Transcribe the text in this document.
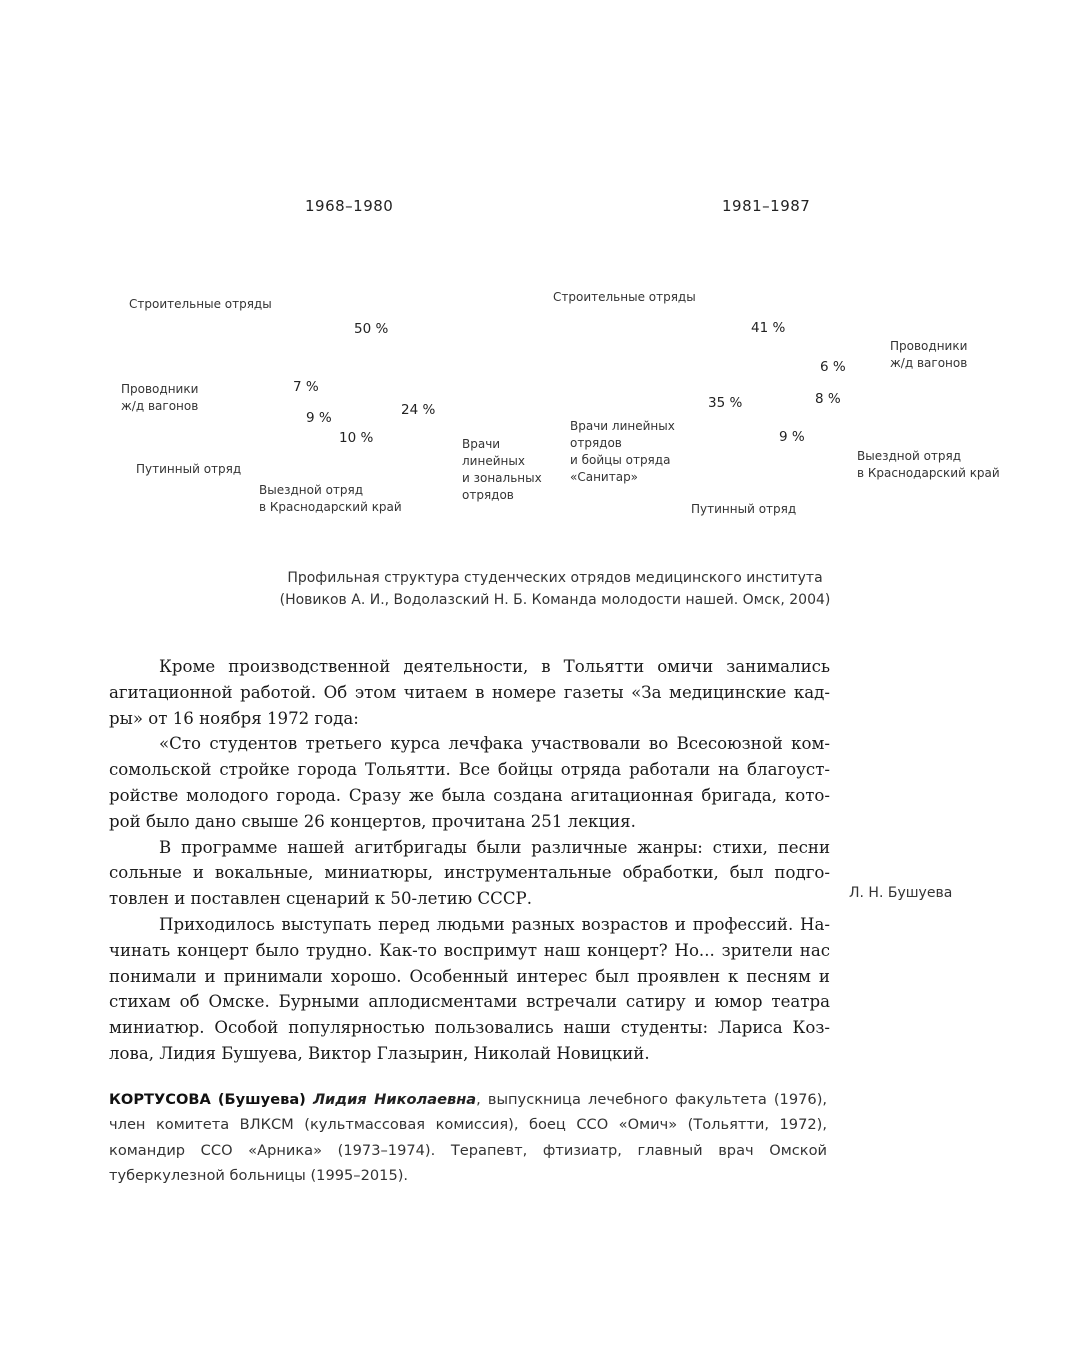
1968–1980
Строительные отряды
50 %
Проводники
ж/д вагонов
7 %
9 %
10 %
24 %
Путинный отряд
Выездной отряд
в Краснодарский край
Врачи
линейных
и зональных
отрядов
1981–1987
Строительные отряды
41 %
Проводники
ж/д вагонов
6 %
8 %
35 %
9 %
Врачи линейных
отрядов
и бойцы отряда
«Санитар»
Выездной отряд
в Краснодарский край
Путинный отряд
Профильная структура студенческих отрядов медицинского института
(Новиков А. И., Водолазский Н. Б. Команда молодости нашей. Омск, 2004)

Кроме производственной деятельности, в Тольятти омичи занимались агитационной работой. Об этом читаем в номере газеты «За медицинские кадры» от 16 ноября 1972 года:

«Сто студентов третьего курса лечфака участвовали во Всесоюзной комсомольской стройке города Тольятти. Все бойцы отряда работали на благоустройстве молодого города. Сразу же была создана агитационная бригада, которой было дано свыше 26 концертов, прочитана 251 лекция.

В программе нашей агитбригады были различные жанры: стихи, песни сольные и вокальные, миниатюры, инструментальные обработки, был подготовлен и поставлен сценарий к 50-летию СССР.

Приходилось выступать перед людьми разных возрастов и профессий. Начинать концерт было трудно. Как-то воспримут наш концерт? Но... зрители нас понимали и принимали хорошо. Особенный интерес был проявлен к песням и стихам об Омске. Бурными аплодисментами встречали сатиру и юмор театра миниатюр. Особой популярностью пользовались наши студенты: Лариса Козлова, Лидия Бушуева, Виктор Глазырин, Николай Новицкий.

Л. Н. Бушуева
КОРТУСОВА (Бушуева) Лидия Николаевна, выпускница лечебного факультета (1976), член комитета ВЛКСМ (культмассовая комиссия), боец ССО «Омич» (Тольятти, 1972), командир ССО «Арника» (1973–1974). Терапевт, фтизиатр, главный врач Омской туберкулезной больницы (1995–2015).
